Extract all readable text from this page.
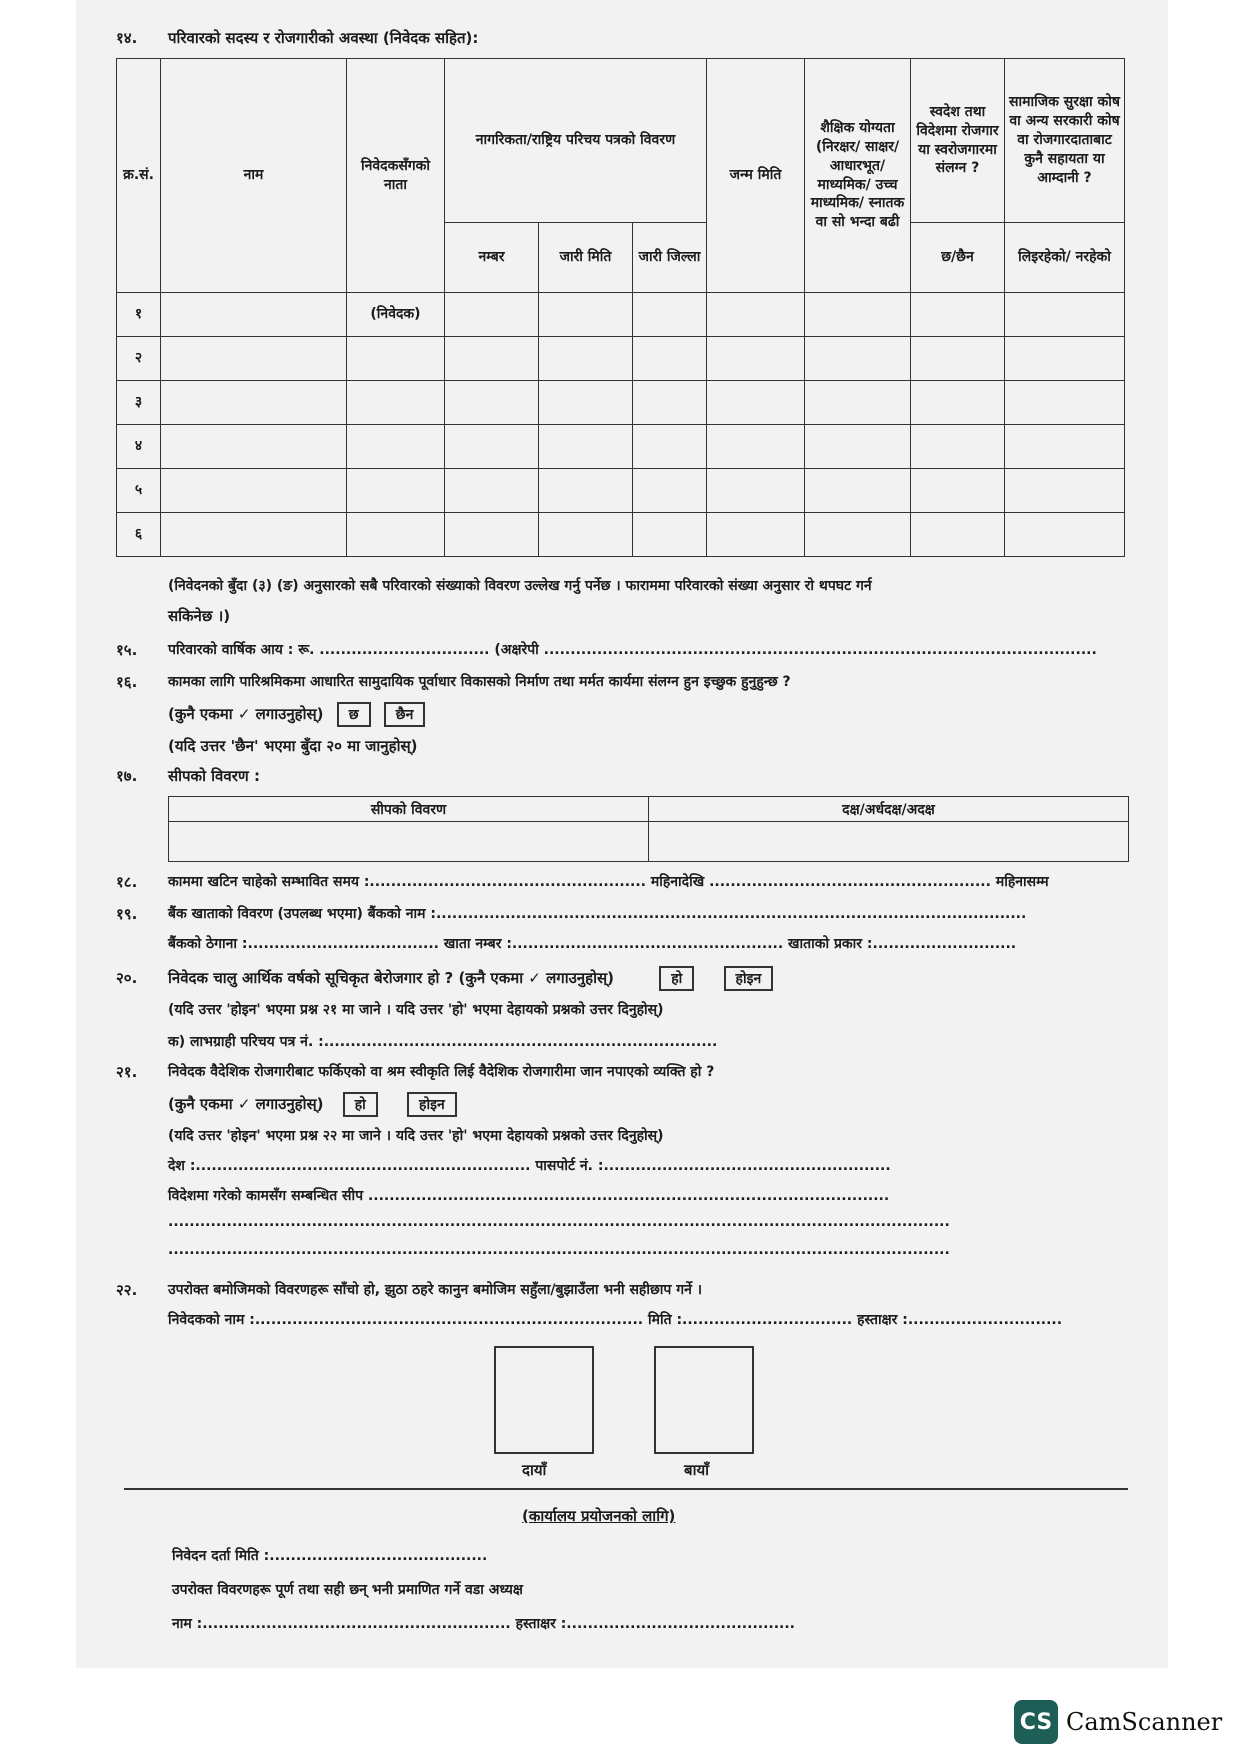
१४. परिवारको सदस्य र रोजगारीको अवस्था (निवेदक सहित):
क्र.सं.	नाम	निवेदकसँगको नाता	नागरिकता/राष्ट्रिय परिचय पत्रको विवरण			जन्म मिति	शैक्षिक योग्यता (निरक्षर/ साक्षर/ आधारभूत/ माध्यमिक/ उच्च माध्यमिक/ स्नातक वा सो भन्दा बढी	स्वदेश तथा विदेशमा रोजगार या स्वरोजगारमा संलग्न ?	सामाजिक सुरक्षा कोष वा अन्य सरकारी कोष वा रोजगारदाताबाट कुनै सहायता या आम्दानी ?
			नम्बर	जारी मिति	जारी जिल्ला			छ/छैन	लिइरहेको/ नरहेको
१		(निवेदक)							
२									
३									
४									
५									
६									
(निवेदनको बुँदा (३) (ङ) अनुसारको सबै परिवारको संख्याको विवरण उल्लेख गर्नु पर्नेछ । फाराममा परिवारको संख्या अनुसार रो थपघट गर्न
सकिनेछ ।)
१५. परिवारको वार्षिक आय : रू. ................................ (अक्षरेपी ........................................................................................................
१६. कामका लागि पारिश्रमिकमा आधारित सामुदायिक पूर्वाधार विकासको निर्माण तथा मर्मत कार्यमा संलग्न हुन इच्छुक हुनुहुन्छ ?
(कुनै एकमा ✓ लगाउनुहोस्) छ	छैन
(यदि उत्तर 'छैन' भएमा बुँदा २० मा जानुहोस्)
१७. सीपको विवरण :
सीपको विवरण	दक्ष/अर्धदक्ष/अदक्ष

१८. काममा खटिन चाहेको सम्भावित समय :.................................................... महिनादेखि ..................................................... महिनासम्म
१९. बैंक खाताको विवरण (उपलब्ध भएमा) बैंकको नाम :...............................................................................................................
बैंकको ठेगाना :.................................... खाता नम्बर :................................................... खाताको प्रकार :...........................
२०. निवेदक चालु आर्थिक वर्षको सूचिकृत बेरोजगार हो ? (कुनै एकमा ✓ लगाउनुहोस्)	हो	होइन
(यदि उत्तर 'होइन' भएमा प्रश्न २१ मा जाने । यदि उत्तर 'हो' भएमा देहायको प्रश्नको उत्तर दिनुहोस्)
क) लाभग्राही परिचय पत्र नं. :..........................................................................
२१. निवेदक वैदेशिक रोजगारीबाट फर्किएको वा श्रम स्वीकृति लिई वैदेशिक रोजगारीमा जान नपाएको व्यक्ति हो ?
(कुनै एकमा ✓ लगाउनुहोस्) हो	होइन
(यदि उत्तर 'होइन' भएमा प्रश्न २२ मा जाने । यदि उत्तर 'हो' भएमा देहायको प्रश्नको उत्तर दिनुहोस्)
देश :............................................................... पासपोर्ट नं. :......................................................
विदेशमा गरेको कामसँग सम्बन्धित सीप ..................................................................................................
...................................................................................................................................................
...................................................................................................................................................
२२. उपरोक्त बमोजिमको विवरणहरू साँचो हो, झुठा ठहरे कानुन बमोजिम सहुँला/बुझाउँला भनी सहीछाप गर्ने ।
निवेदकको नाम :......................................................................... मिति :................................ हस्ताक्षर :.............................
दायाँ	बायाँ
(कार्यालय प्रयोजनको लागि)
निवेदन दर्ता मिति :.........................................
उपरोक्त विवरणहरू पूर्ण तथा सही छन् भनी प्रमाणित गर्ने वडा अध्यक्ष
नाम :.......................................................... हस्ताक्षर :...........................................
CS CamScanner
